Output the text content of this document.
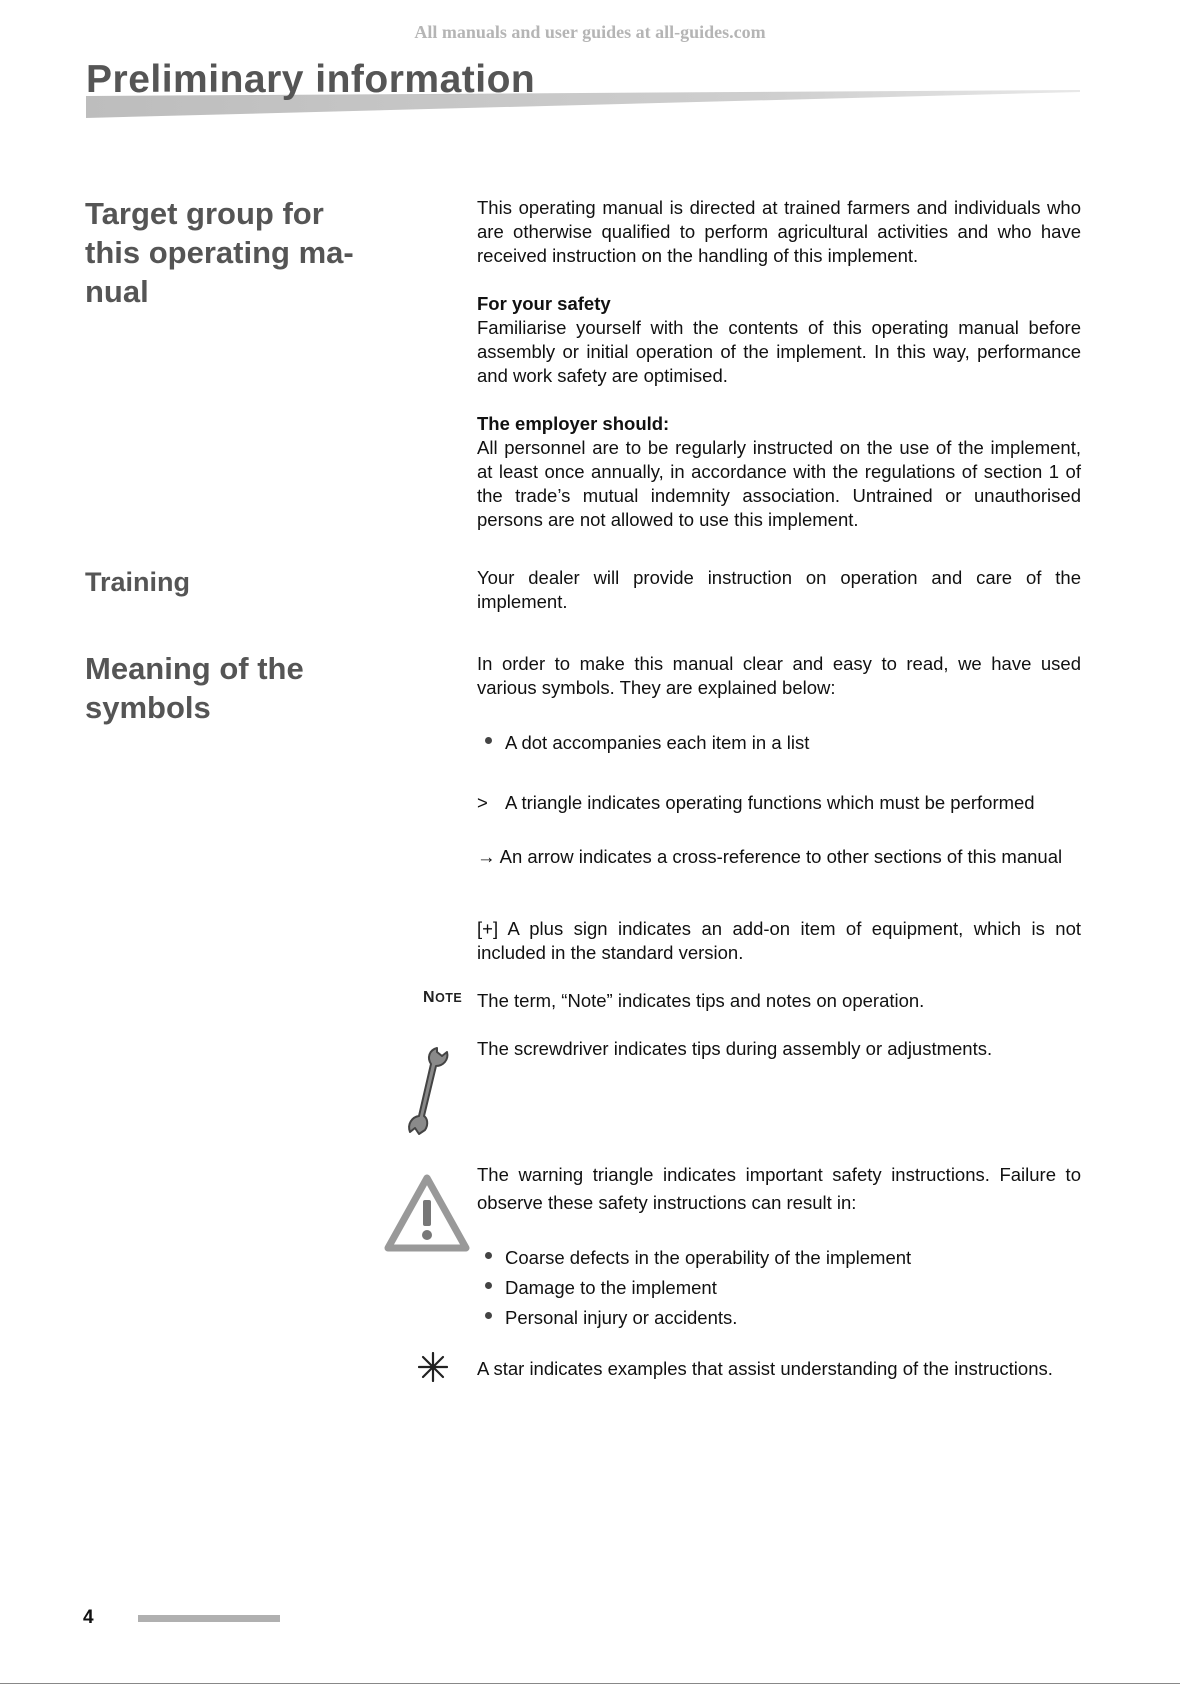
All manuals and user guides at all-guides.com
Preliminary information
Target group for
this operating ma-
nual

This operating manual is directed at trained farmers and individuals who are otherwise qualified to perform agricultural activities and who have received instruction on the handling of this implement.

For your safety

Familiarise yourself with the contents of this operating manual before assembly or initial operation of the implement. In this way, performance and work safety are optimised.

The employer should:

All personnel are to be regularly instructed on the use of the implement, at least once annually, in accordance with the regulations of section 1 of the trade’s mutual indemnity association. Untrained or unauthorised persons are not allowed to use this implement.

Training	Your dealer will provide instruction on operation and care of the implement.

Meaning of the
symbols

In order to make this manual clear and easy to read, we have used various symbols. They are explained below:

A dot accompanies each item in a list
> A triangle indicates operating functions which must be performed
→ An arrow indicates a cross-reference to other sections of this manual
[+] A plus sign indicates an add-on item of equipment, which is not included in the standard version.
NOTE The term, “Note” indicates tips and notes on operation.
The screwdriver indicates tips during assembly or adjustments.

The warning triangle indicates important safety instructions. Failure to observe these safety instructions can result in:

Coarse defects in the operability of the implement
Damage to the implement
Personal injury or accidents.
A star indicates examples that assist understanding of the instructions.
4
